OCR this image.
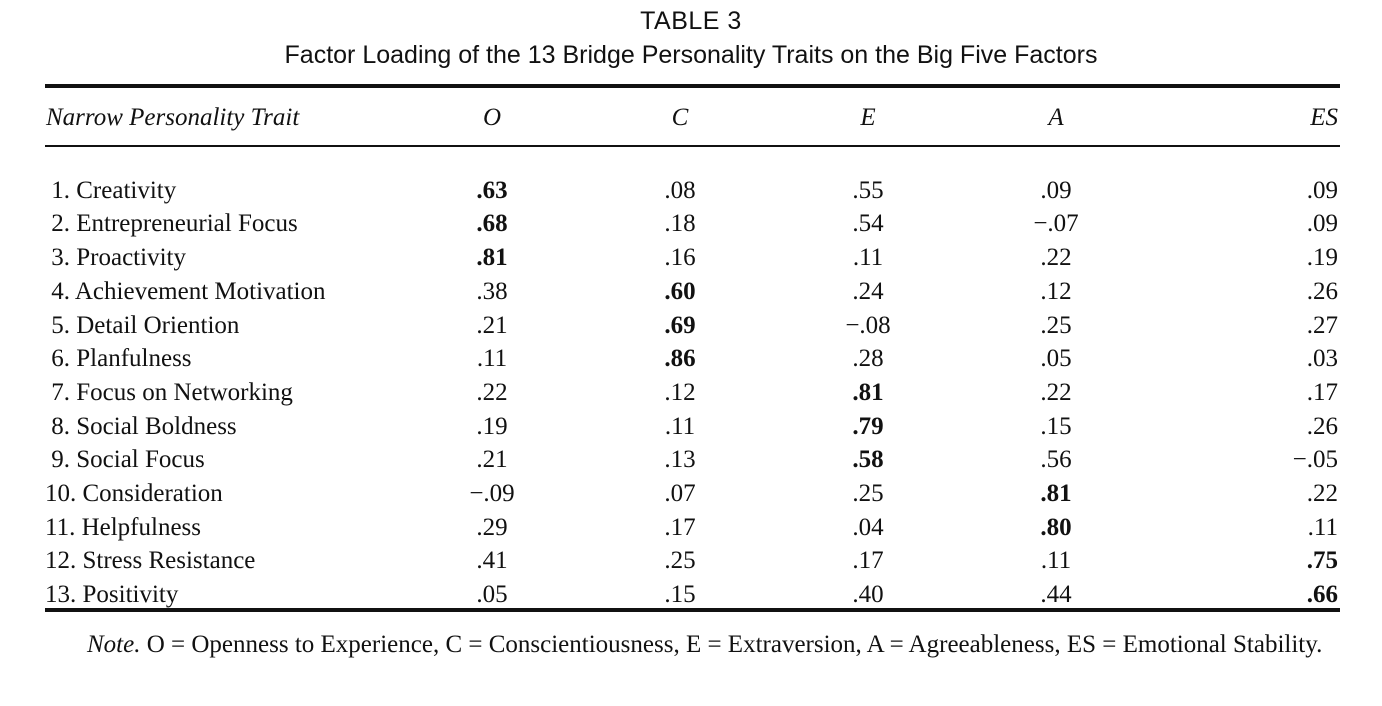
TABLE 3
Factor Loading of the 13 Bridge Personality Traits on the Big Five Factors
Narrow Personality Trait	O	C	E	A	ES

1. Creativity	.63	.08	.55	.09	.09
2. Entrepreneurial Focus	.68	.18	.54	−.07	.09
3. Proactivity	.81	.16	.11	.22	.19
4. Achievement Motivation	.38	.60	.24	.12	.26
5. Detail Oriention	.21	.69	−.08	.25	.27
6. Planfulness	.11	.86	.28	.05	.03
7. Focus on Networking	.22	.12	.81	.22	.17
8. Social Boldness	.19	.11	.79	.15	.26
9. Social Focus	.21	.13	.58	.56	−.05
10. Consideration	−.09	.07	.25	.81	.22
11. Helpfulness	.29	.17	.04	.80	.11
12. Stress Resistance	.41	.25	.17	.11	.75
13. Positivity	.05	.15	.40	.44	.66
Note. O = Openness to Experience, C = Conscientiousness, E = Extraversion, A = Agreeableness, ES = Emotional Stability.
